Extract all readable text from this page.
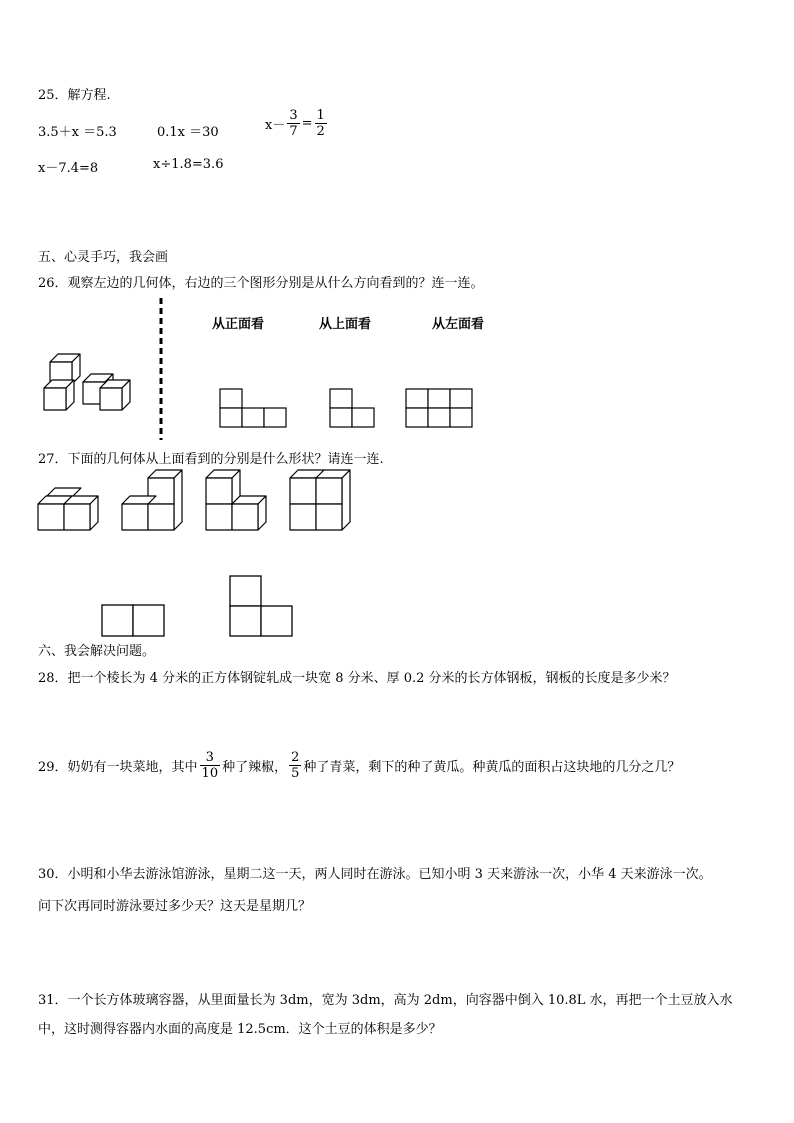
25．解方程.
3.5＋x ＝5.3	0.1x ＝30	$x- \frac{3}{7} = \frac{1}{2}$
x－7.4=8	x÷1.8=3.6
五、心灵手巧，我会画
26．观察左边的几何体，右边的三个图形分别是从什么方向看到的？连一连。
从正面看	从上面看	从左面看
27．下面的几何体从上面看到的分别是什么形状？请连一连.
六、我会解决问题。
28．把一个棱长为 4 分米的正方体钢锭轧成一块宽 8 分米、厚 0.2 分米的长方体钢板，钢板的长度是多少米？
29．奶奶有一块菜地，其中 $\frac{3}{10}$ 种了辣椒， $\frac{2}{5}$ 种了青菜，剩下的种了黄瓜。种黄瓜的面积占这块地的几分之几？
30．小明和小华去游泳馆游泳，星期二这一天，两人同时在游泳。已知小明 3 天来游泳一次，小华 4 天来游泳一次。
问下次再同时游泳要过多少天？这天是星期几？
31．一个长方体玻璃容器，从里面量长为 3dm，宽为 3dm，高为 2dm，向容器中倒入 10.8L 水，再把一个土豆放入水
中，这时测得容器内水面的高度是 12.5cm．这个土豆的体积是多少？
